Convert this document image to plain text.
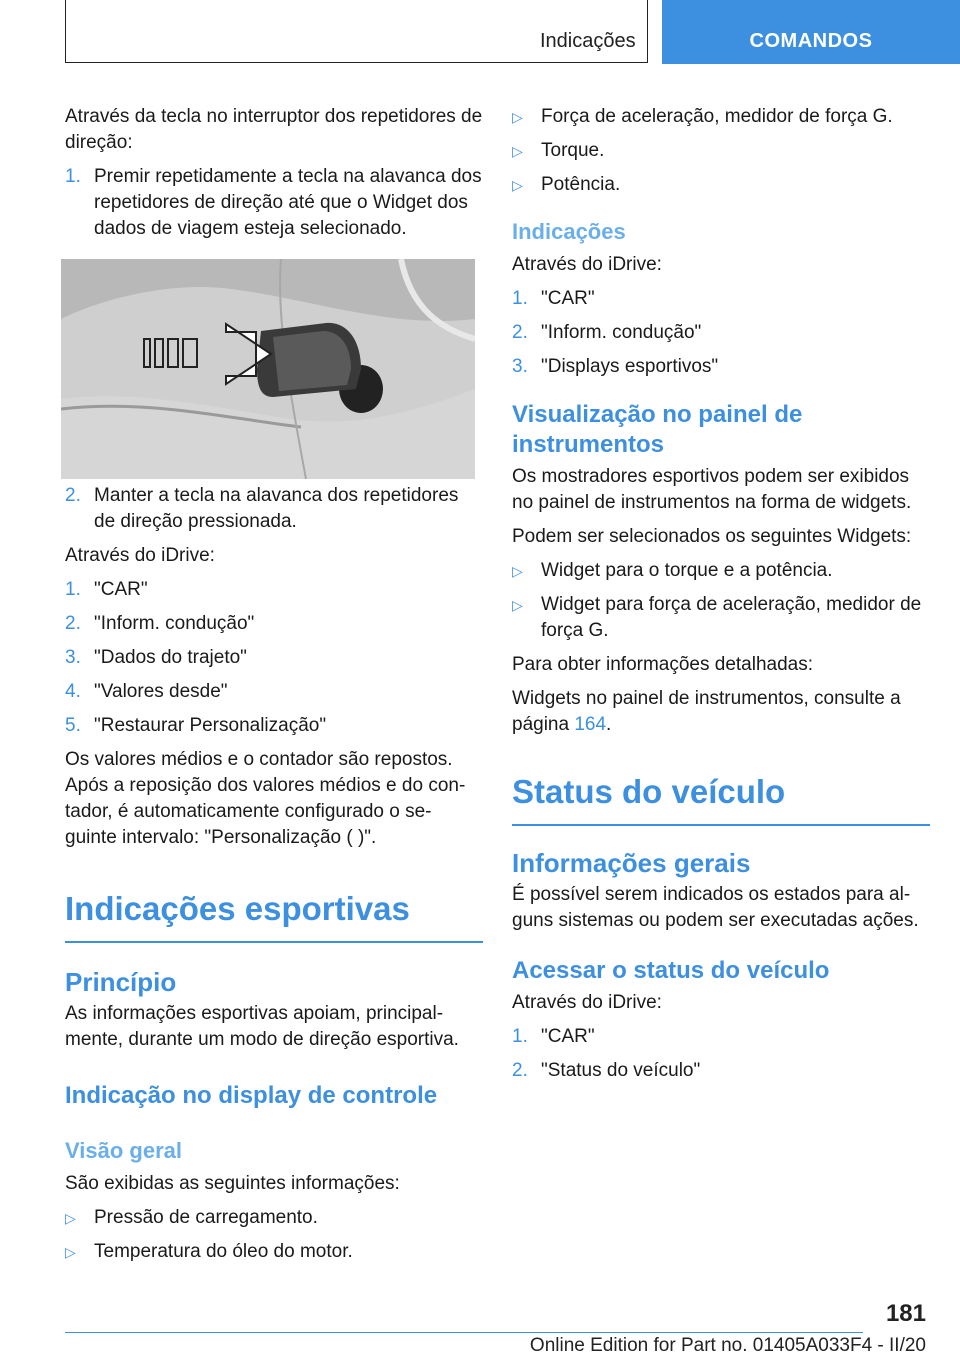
Indicações	COMANDOS

Através da tecla no interruptor dos repetidores de direção:

1. Premir repetidamente a tecla na alavanca dos repetidores de direção até que o Widget dos dados de viagem esteja selecionado.
2. Manter a tecla na alavanca dos repetidores de direção pressionada.

Através do iDrive:

1. "CAR"
2. "Inform. condução"
3. "Dados do trajeto"
4. "Valores desde"
5. "Restaurar Personalização"

Os valores médios e o contador são repostos. Após a reposição dos valores médios e do con‐ tador, é automaticamente configurado o se‐ guinte intervalo: "Personalização ( )".

Indicações esportivas
Princípio

As informações esportivas apoiam, principal‐ mente, durante um modo de direção esportiva.

Indicação no display de controle
Visão geral

São exibidas as seguintes informações:

▷ Pressão de carregamento.
▷ Temperatura do óleo do motor.
▷ Força de aceleração, medidor de força G.
▷ Torque.
▷ Potência.
Indicações

Através do iDrive:

1. "CAR"
2. "Inform. condução"
3. "Displays esportivos"
Visualização no painel de instrumentos

Os mostradores esportivos podem ser exibidos no painel de instrumentos na forma de widgets.

Podem ser selecionados os seguintes Widgets:

▷ Widget para o torque e a potência.
▷ Widget para força de aceleração, medidor de força G.

Para obter informações detalhadas:

Widgets no painel de instrumentos, consulte a página 164.

Status do veículo
Informações gerais

É possível serem indicados os estados para al‐ guns sistemas ou podem ser executadas ações.

Acessar o status do veículo

Através do iDrive:

1. "CAR"
2. "Status do veículo"
181
Online Edition for Part no. 01405A033F4 - II/20
